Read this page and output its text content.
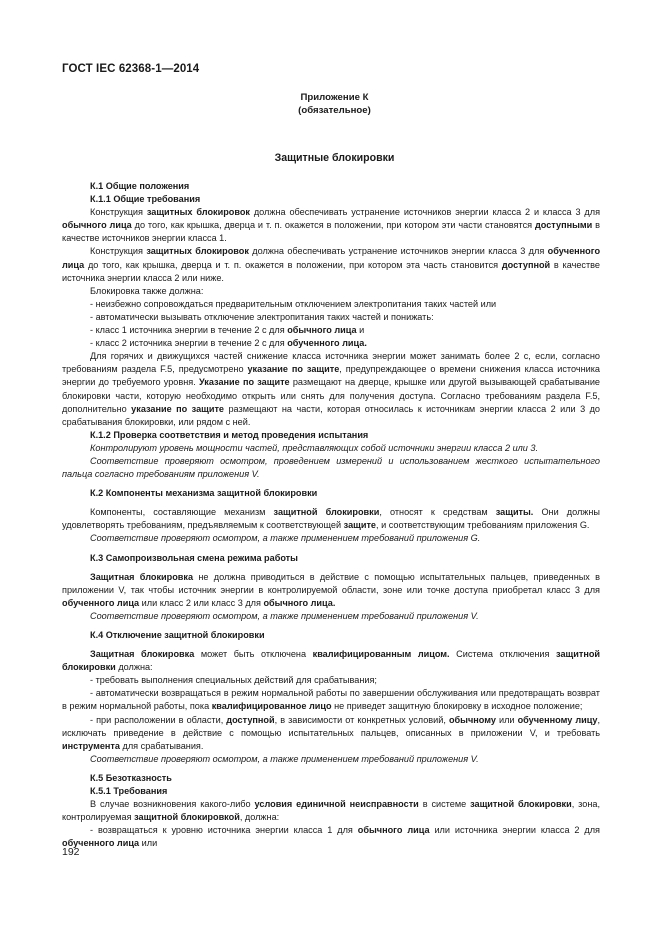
ГОСТ IEC 62368-1—2014
Приложение К
(обязательное)
Защитные блокировки

К.1 Общие положения

К.1.1 Общие требования

Конструкция защитных блокировок должна обеспечивать устранение источников энергии класса 2 и класса 3 для обычного лица до того, как крышка, дверца и т. п. окажется в положении, при котором эти части становятся доступными в качестве источников энергии класса 1.

Конструкция защитных блокировок должна обеспечивать устранение источников энергии класса 3 для обученного лица до того, как крышка, дверца и т. п. окажется в положении, при котором эта часть становится доступной в качестве источника энергии класса 2 или ниже.

Блокировка также должна:

- неизбежно сопровождаться предварительным отключением электропитания таких частей или

- автоматически вызывать отключение электропитания таких частей и понижать:

- класс 1 источника энергии в течение 2 с для обычного лица и

- класс 2 источника энергии в течение 2 с для обученного лица.

Для горячих и движущихся частей снижение класса источника энергии может занимать более 2 с, если, согласно требованиям раздела F.5, предусмотрено указание по защите, предупреждающее о времени снижения класса источника энергии до требуемого уровня. Указание по защите размещают на дверце, крышке или другой вызывающей срабатывание блокировки части, которую необходимо открыть или снять для получения доступа. Согласно требованиям раздела F.5, дополнительно указание по защите размещают на части, которая относилась к источникам энергии класса 2 или 3 до срабатывания блокировки, или рядом с ней.

К.1.2 Проверка соответствия и метод проведения испытания

Контролируют уровень мощности частей, представляющих собой источники энергии класса 2 или 3.

Соответствие проверяют осмотром, проведением измерений и использованием жесткого испытательного пальца согласно требованиям приложения V.

К.2 Компоненты механизма защитной блокировки

Компоненты, составляющие механизм защитной блокировки, относят к средствам защиты. Они должны удовлетворять требованиям, предъявляемым к соответствующей защите, и соответствующим требованиям приложения G.

Соответствие проверяют осмотром, а также применением требований приложения G.

К.3 Самопроизвольная смена режима работы

Защитная блокировка не должна приводиться в действие с помощью испытательных пальцев, приведенных в приложении V, так чтобы источник энергии в контролируемой области, зоне или точке доступа приобретал класс 3 для обученного лица или класс 2 или класс 3 для обычного лица.

Соответствие проверяют осмотром, а также применением требований приложения V.

К.4 Отключение защитной блокировки

Защитная блокировка может быть отключена квалифицированным лицом. Система отключения защитной блокировки должна:

- требовать выполнения специальных действий для срабатывания;

- автоматически возвращаться в режим нормальной работы по завершении обслуживания или предотвращать возврат в режим нормальной работы, пока квалифицированное лицо не приведет защитную блокировку в исходное положение;

- при расположении в области, доступной, в зависимости от конкретных условий, обычному или обученному лицу, исключать приведение в действие с помощью испытательных пальцев, описанных в приложении V, и требовать инструмента для срабатывания.

Соответствие проверяют осмотром, а также применением требований приложения V.

К.5 Безотказность

К.5.1 Требования

В случае возникновения какого-либо условия единичной неисправности в системе защитной блокировки, зона, контролируемая защитной блокировкой, должна:

- возвращаться к уровню источника энергии класса 1 для обычного лица или источника энергии класса 2 для обученного лица или

192
